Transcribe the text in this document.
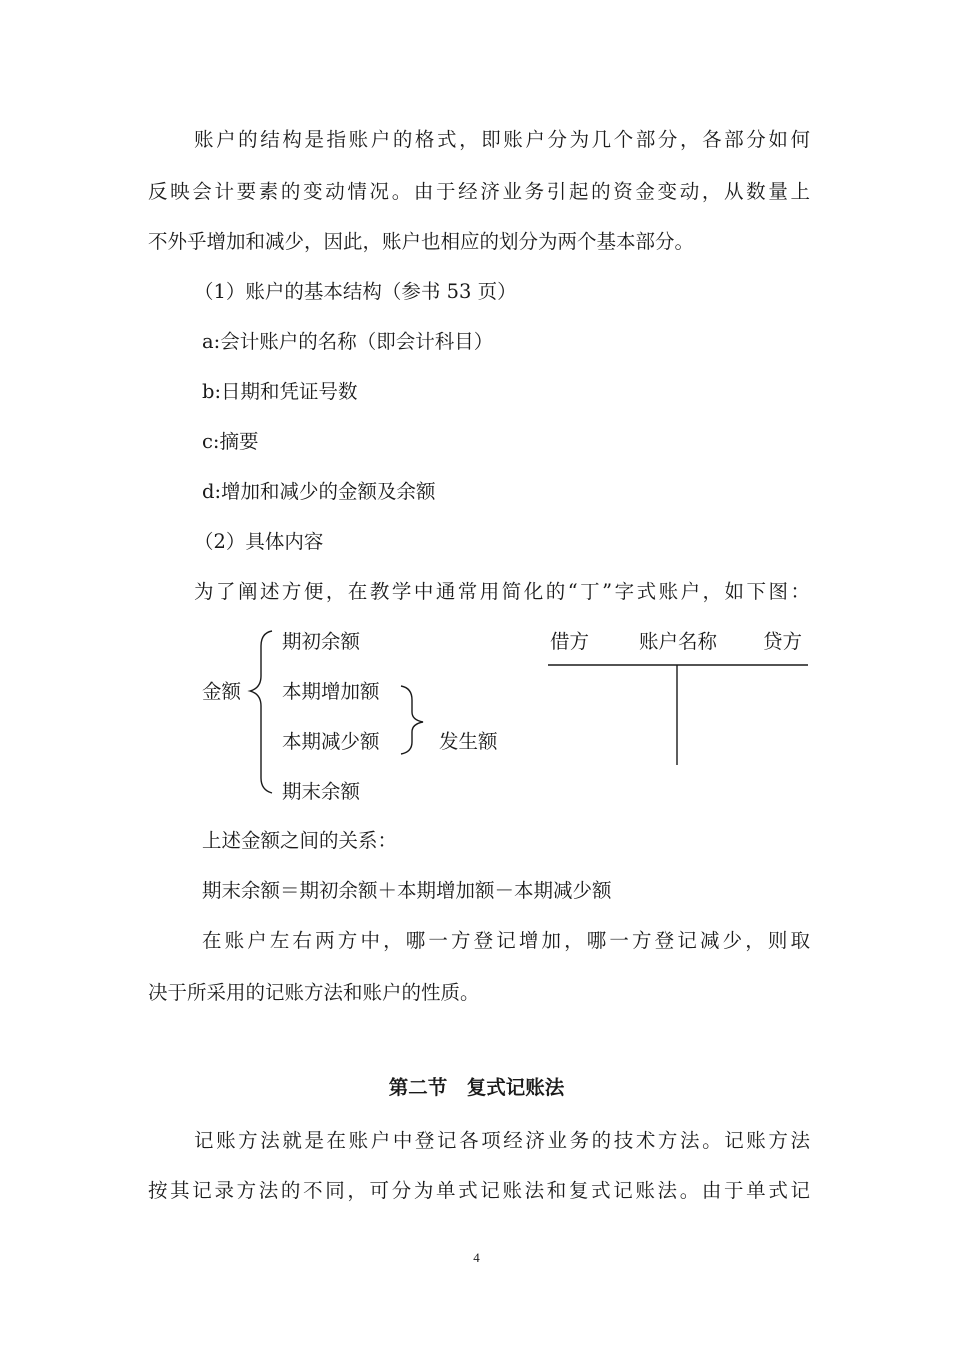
账户的结构是指账户的格式，即账户分为几个部分，各部分如何
反映会计要素的变动情况。由于经济业务引起的资金变动，从数量上
不外乎增加和减少，因此，账户也相应的划分为两个基本部分。
（1）账户的基本结构（参书 53 页）
a:会计账户的名称（即会计科目）
b:日期和凭证号数
c:摘要
d:增加和减少的金额及余额
（2）具体内容
为了阐述方便，在教学中通常用简化的“丁”字式账户，如下图：
金额
期初余额
本期增加额
本期减少额
期末余额
发生额
借方	账户名称 贷方
上述金额之间的关系：
期末余额＝期初余额＋本期增加额－本期减少额
在账户左右两方中，哪一方登记增加，哪一方登记减少，则取
决于所采用的记账方法和账户的性质。
第二节　复式记账法
记账方法就是在账户中登记各项经济业务的技术方法。记账方法
按其记录方法的不同，可分为单式记账法和复式记账法。由于单式记
4
